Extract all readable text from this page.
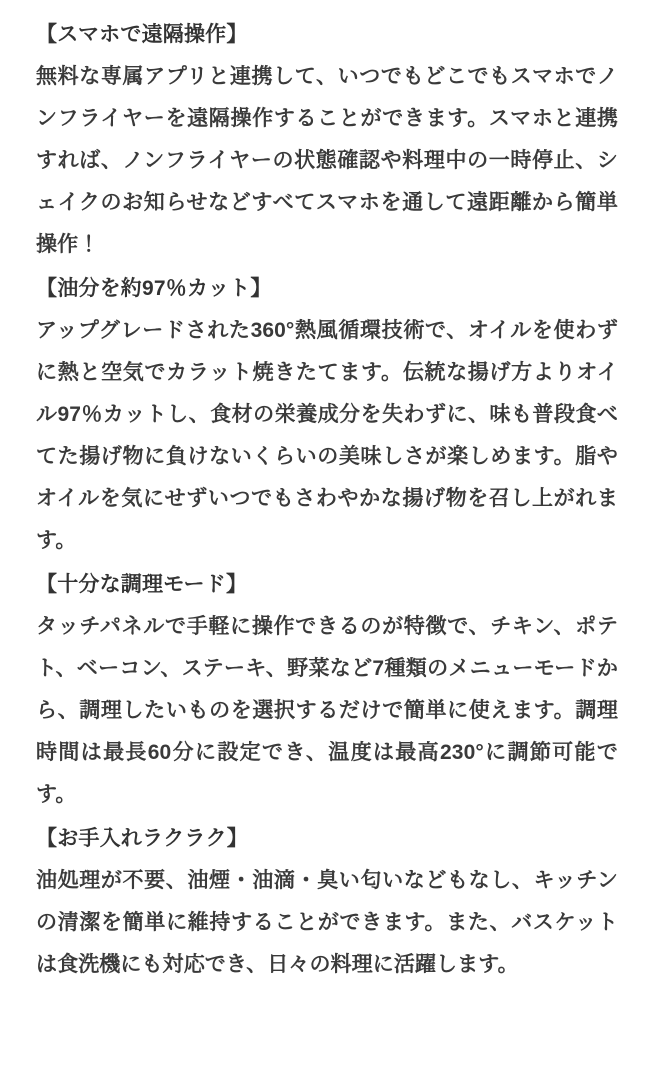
【スマホで遠隔操作】

無料な専属アプリと連携して、いつでもどこでもスマホでノンフライヤーを遠隔操作することができます。スマホと連携すれば、ノンフライヤーの状態確認や料理中の一時停止、シェイクのお知らせなどすべてスマホを通して遠距離から簡単操作！

【油分を約97％カット】

アップグレードされた360°熱風循環技術で、オイルを使わずに熱と空気でカラット焼きたてます。伝統な揚げ方よりオイル97％カットし、食材の栄養成分を失わずに、味も普段食べてた揚げ物に負けないくらいの美味しさが楽しめます。脂やオイルを気にせずいつでもさわやかな揚げ物を召し上がれます。

【十分な調理モード】

タッチパネルで手軽に操作できるのが特徴で、チキン、ポテト、ベーコン、ステーキ、野菜など7種類のメニューモードから、調理したいものを選択するだけで簡単に使えます。調理時間は最長60分に設定でき、温度は最高230°に調節可能です。

【お手入れラクラク】

油処理が不要、油煙・油滴・臭い匂いなどもなし、キッチンの清潔を簡単に維持することができます。また、バスケットは食洗機にも対応でき、日々の料理に活躍します。
